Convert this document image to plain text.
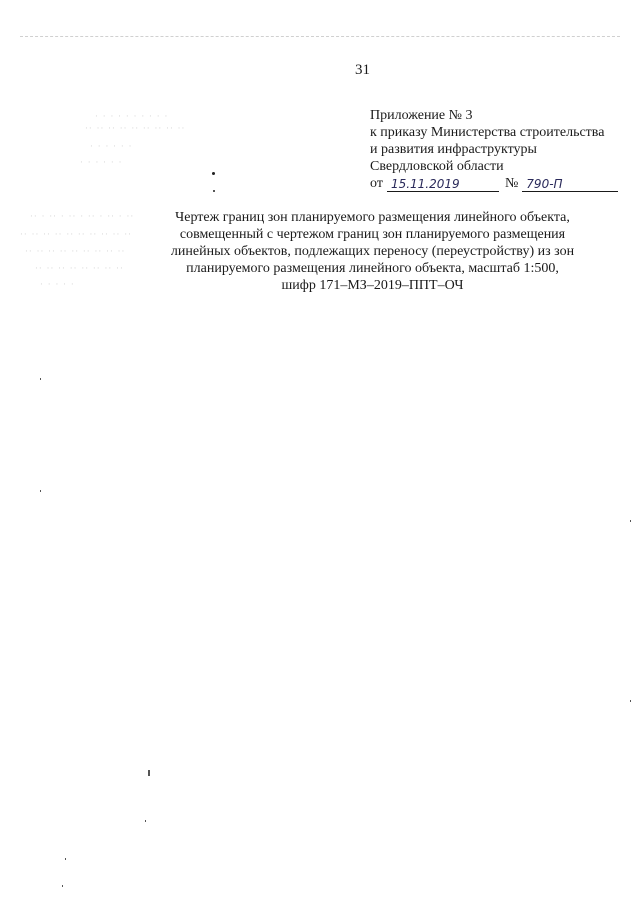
· · · · · · · · · ·
·· ·· ·· ·· ·· ·· ·· ·· ··
· · · · · ·
· · · · · ·
·· · ·· · ·· · ·· · ·· · ··
·· ·· ·· ·· ·· ·· ·· ·· ·· ··
·· ·· ·· ·· ·· ·· ·· ·· ··
·· ·· ·· ·· ·· ·· ·· ··
· · · · ·
31
Приложение № 3
к приказу Министерства строительства
и развития инфраструктуры
Свердловской области
от 15.11.2019	№ 790-П
Чертеж границ зон планируемого размещения линейного объекта,
совмещенный с чертежом границ зон планируемого размещения
линейных объектов, подлежащих переносу (переустройству) из зон
планируемого размещения линейного объекта, масштаб 1:500,
шифр 171–МЗ–2019–ППТ–ОЧ
